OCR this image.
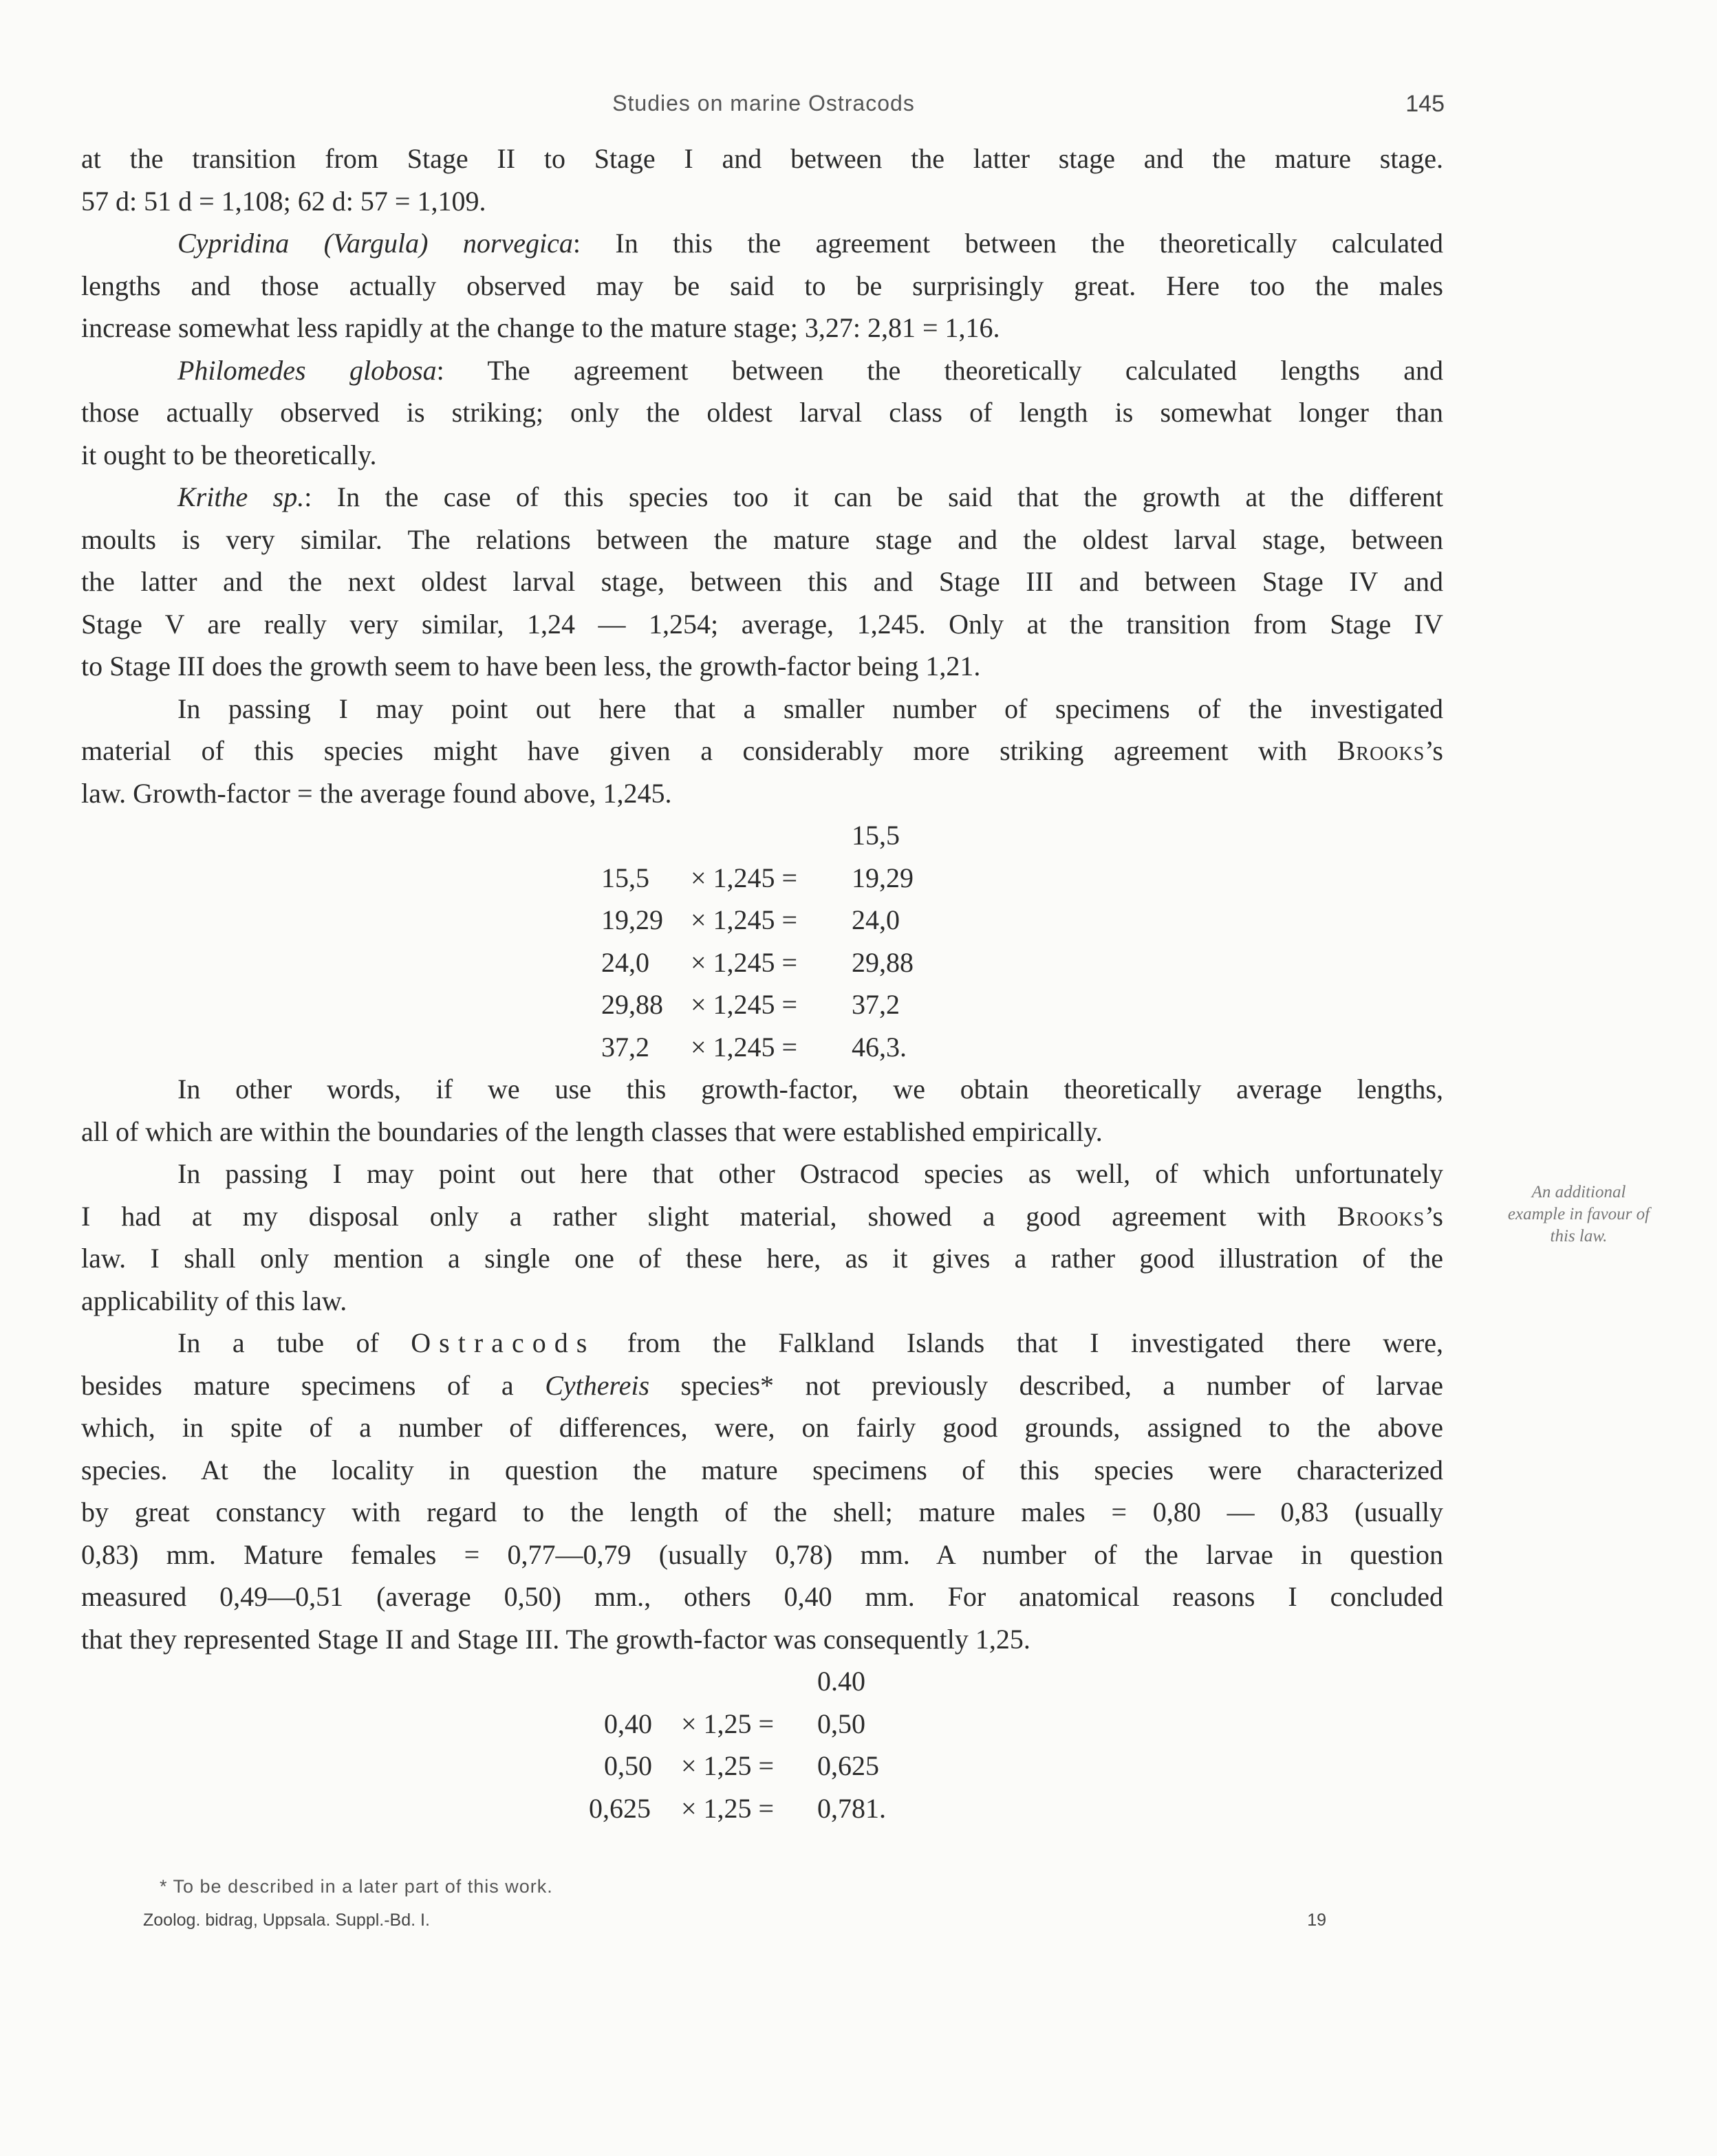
Studies on marine Ostracods	145
at the transition from Stage II to Stage I and between the latter stage and the mature stage.
57 d: 51 d = 1,108; 62 d: 57 = 1,109.
Cypridina (Vargula) norvegica: In this the agreement between the theoretically calculated
lengths and those actually observed may be said to be surprisingly great. Here too the males
increase somewhat less rapidly at the change to the mature stage; 3,27: 2,81 = 1,16.
Philomedes globosa: The agreement between the theoretically calculated lengths and
those actually observed is striking; only the oldest larval class of length is somewhat longer than
it ought to be theoretically.
Krithe sp.: In the case of this species too it can be said that the growth at the different
moults is very similar. The relations between the mature stage and the oldest larval stage, between
the latter and the next oldest larval stage, between this and Stage III and between Stage IV and
Stage V are really very similar, 1,24 — 1,254; average, 1,245. Only at the transition from Stage IV
to Stage III does the growth seem to have been less, the growth-factor being 1,21.
In passing I may point out here that a smaller number of specimens of the investigated
material of this species might have given a considerably more striking agreement with Brooks’s
law. Growth-factor = the average found above, 1,245.
15,5
15,5 × 1,245 = 19,29
19,29 × 1,245 = 24,0
24,0 × 1,245 = 29,88
29,88 × 1,245 = 37,2
37,2 × 1,245 = 46,3.
In other words, if we use this growth-factor, we obtain theoretically average lengths,
all of which are within the boundaries of the length classes that were established empirically.
In passing I may point out here that other Ostracod species as well, of which unfortunately
I had at my disposal only a rather slight material, showed a good agreement with Brooks’s
law. I shall only mention a single one of these here, as it gives a rather good illustration of the
applicability of this law.
In a tube of Ostracods from the Falkland Islands that I investigated there were,
besides mature specimens of a Cythereis species* not previously described, a number of larvae
which, in spite of a number of differences, were, on fairly good grounds, assigned to the above
species. At the locality in question the mature specimens of this species were characterized
by great constancy with regard to the length of the shell; mature males = 0,80 — 0,83 (usually
0,83) mm. Mature females = 0,77—0,79 (usually 0,78) mm. A number of the larvae in question
measured 0,49—0,51 (average 0,50) mm., others 0,40 mm. For anatomical reasons I concluded
that they represented Stage II and Stage III. The growth-factor was consequently 1,25.
0.40
0,40 × 1,25 = 0,50
0,50 × 1,25 = 0,625
0,625 × 1,25 = 0,781.
An additional
example in favour of
this law.
* To be described in a later part of this work.
Zoolog. bidrag, Uppsala. Suppl.-Bd. I.	19
